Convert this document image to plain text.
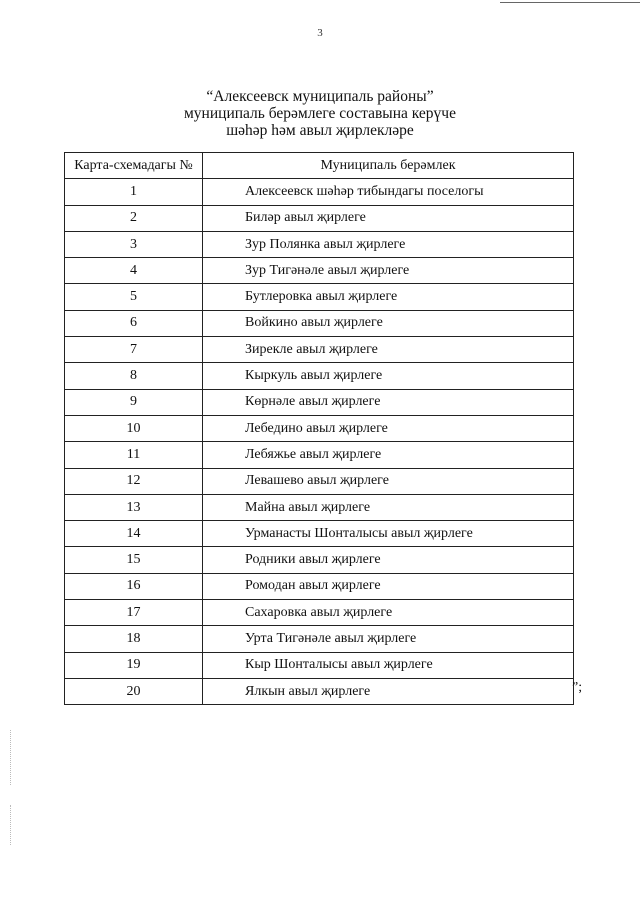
3
“Алексеевск муниципаль районы”
муниципаль берәмлеге составына керүче
шәһәр һәм авыл җирлекләре
Карта-схемадагы №	Муниципаль берәмлек
1	Алексеевск шәһәр тибындагы поселогы
2	Биләр авыл җирлеге
3	Зур Полянка авыл җирлеге
4	Зур Тигәнәле авыл җирлеге
5	Бутлеровка авыл җирлеге
6	Войкино авыл җирлеге
7	Зирекле авыл җирлеге
8	Кыркуль авыл җирлеге
9	Көрнәле авыл җирлеге
10	Лебедино авыл җирлеге
11	Лебяжье авыл җирлеге
12	Левашево авыл җирлеге
13	Майна авыл җирлеге
14	Урманасты Шонталысы авыл җирлеге
15	Родники авыл җирлеге
16	Ромодан авыл җирлеге
17	Сахаровка авыл җирлеге
18	Урта Тигәнәле авыл җирлеге
19	Кыр Шонталысы авыл җирлеге
20	Ялкын авыл җирлеге	”;
